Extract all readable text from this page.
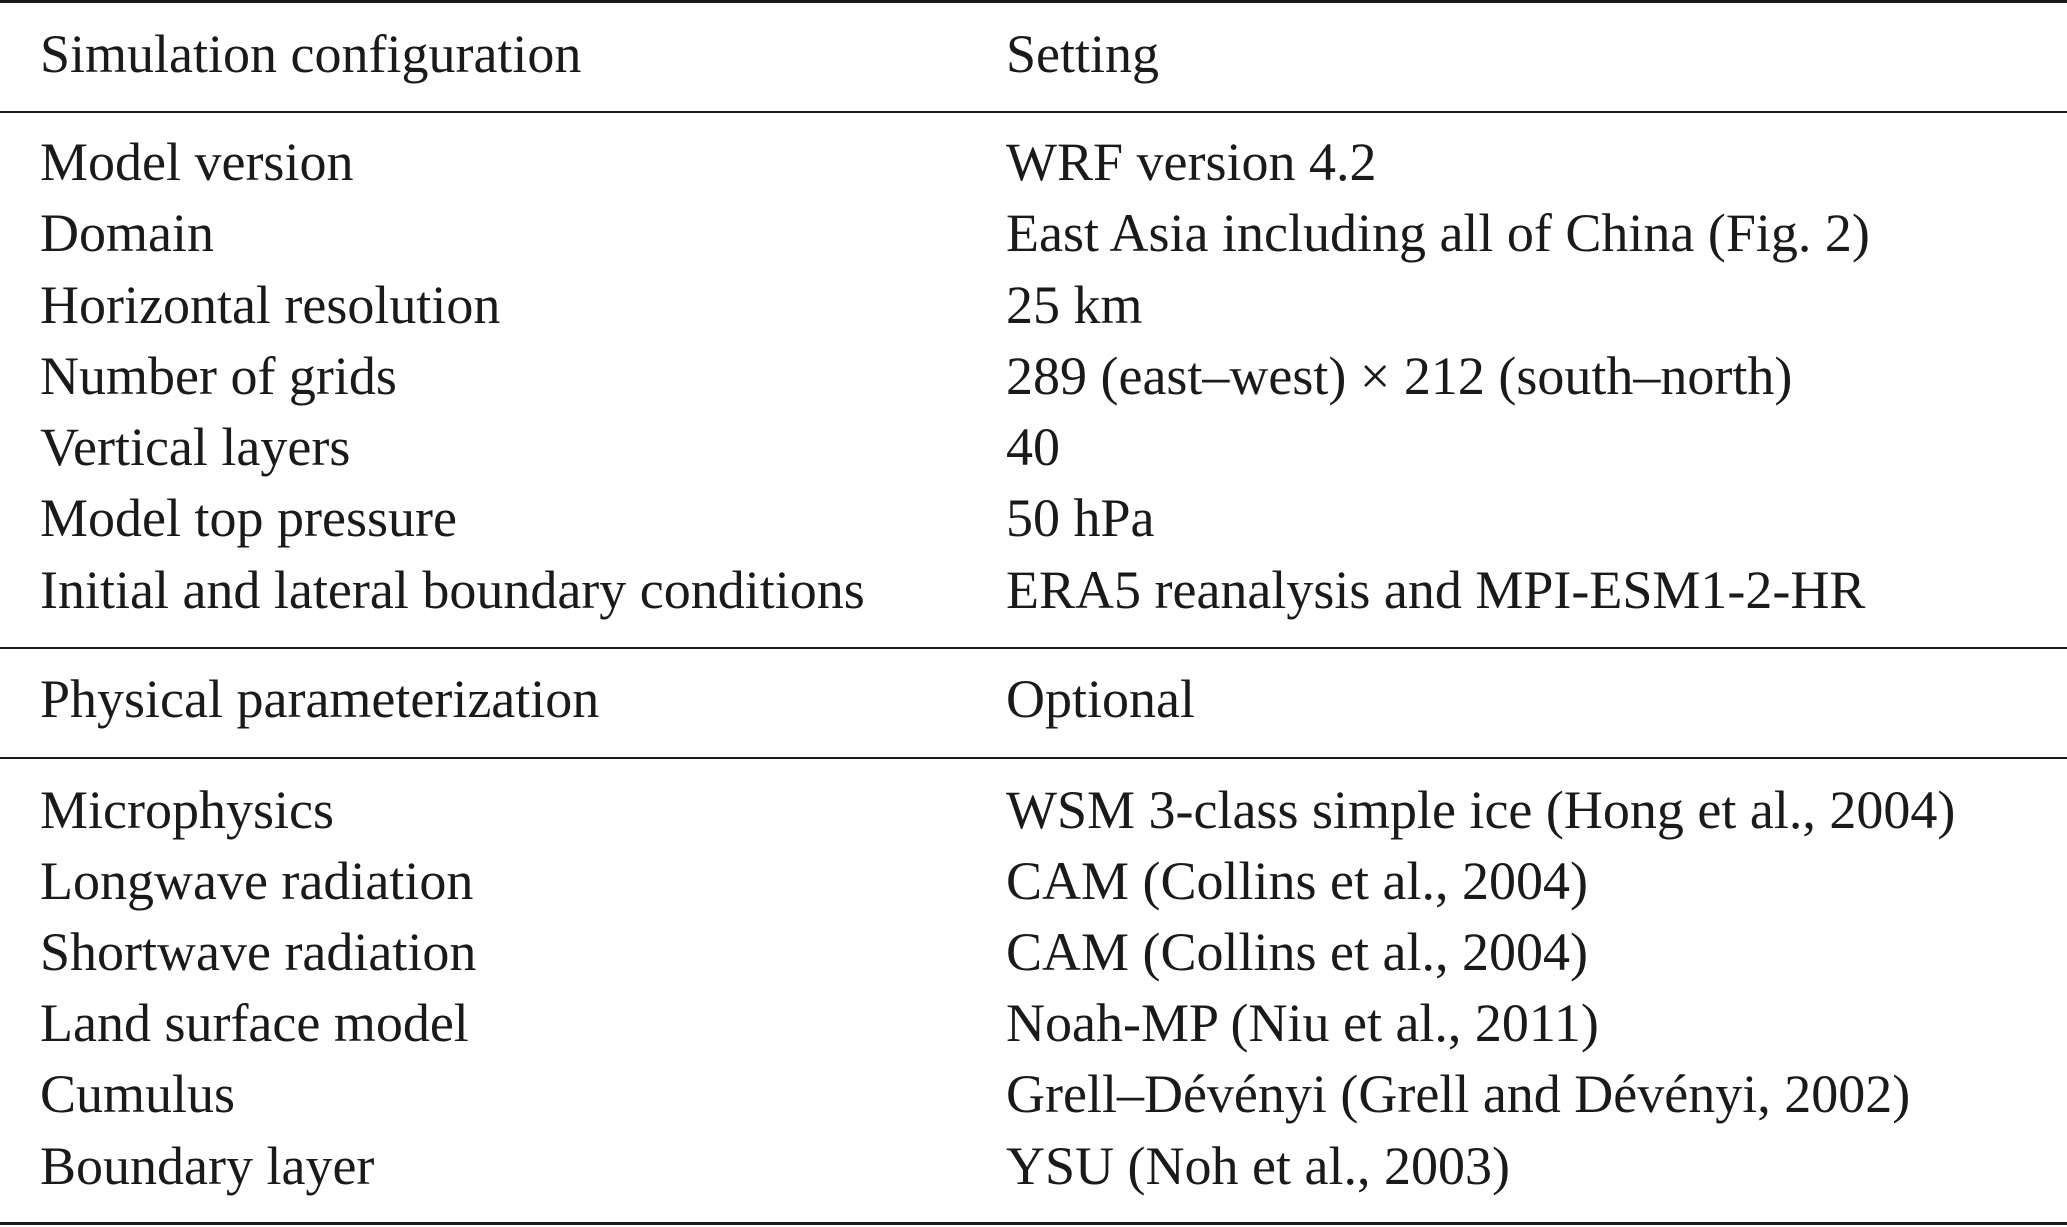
Simulation configuration	Setting
Model version	WRF version 4.2
Domain	East Asia including all of China (Fig. 2)
Horizontal resolution	25 km
Number of grids	289 (east–west) × 212 (south–north)
Vertical layers	40
Model top pressure	50 hPa
Initial and lateral boundary conditions	ERA5 reanalysis and MPI-ESM1-2-HR
Physical parameterization	Optional
Microphysics	WSM 3-class simple ice (Hong et al., 2004)
Longwave radiation	CAM (Collins et al., 2004)
Shortwave radiation	CAM (Collins et al., 2004)
Land surface model	Noah-MP (Niu et al., 2011)
Cumulus	Grell–Dévényi (Grell and Dévényi, 2002)
Boundary layer	YSU (Noh et al., 2003)
